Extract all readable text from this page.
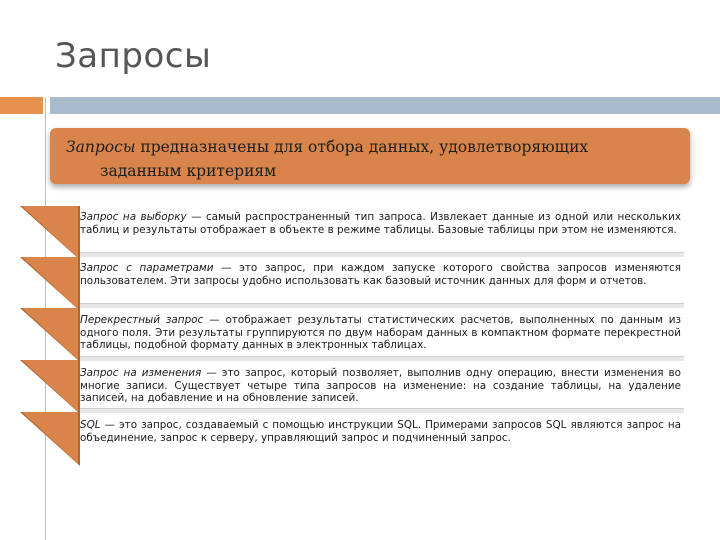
Запросы
Запросы предназначены для отбора данных, удовлетворяющих
заданным критериям
Запрос на выборку — самый распространенный тип запроса. Извлекает данные из одной или нескольких таблиц и результаты отображает в объекте в режиме таблицы. Базовые таблицы при этом не изменяются.
Запрос с параметрами — это запрос, при каждом запуске которого свойства запросов изменяются пользователем. Эти запросы удобно использовать как базовый источник данных для форм и отчетов.
Перекрестный запрос — отображает результаты статистических расчетов, выполненных по данным из одного поля. Эти результаты группируются по двум наборам данных в компактном формате перекрестной таблицы, подобной формату данных в электронных таблицах.
Запрос на изменения — это запрос, который позволяет, выполнив одну операцию, внести изменения во многие записи. Существует четыре типа запросов на изменение: на создание таблицы, на удаление записей, на добавление и на обновление записей.
SQL — это запрос, создаваемый с помощью инструкции SQL. Примерами запросов SQL являются запрос на объединение, запрос к серверу, управляющий запрос и подчиненный запрос.
